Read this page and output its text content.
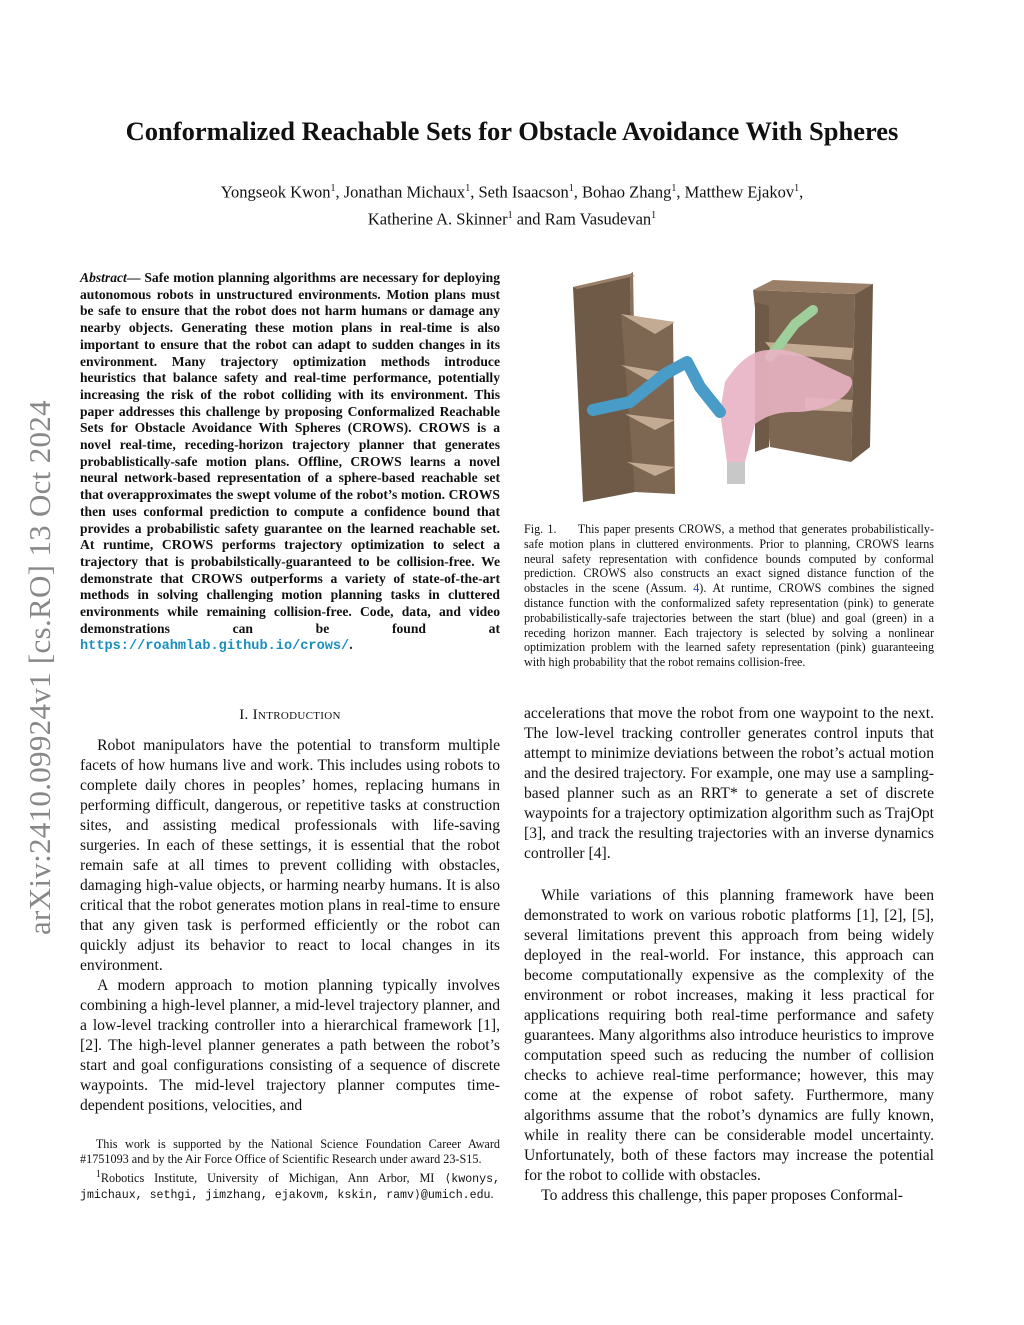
arXiv:2410.09924v1 [cs.RO] 13 Oct 2024
Conformalized Reachable Sets for Obstacle Avoidance With Spheres
Yongseok Kwon$^1$, Jonathan Michaux$^1$, Seth Isaacson$^1$, Bohao Zhang$^1$, Matthew Ejakov$^1$,
Katherine A. Skinner$^1$ and Ram Vasudevan$^1$
Abstract— Safe motion planning algorithms are necessary for deploying autonomous robots in unstructured environments. Motion plans must be safe to ensure that the robot does not harm humans or damage any nearby objects. Generating these motion plans in real-time is also important to ensure that the robot can adapt to sudden changes in its environment. Many trajectory optimization methods introduce heuristics that balance safety and real-time performance, potentially increasing the risk of the robot colliding with its environment. This paper addresses this challenge by proposing Conformalized Reachable Sets for Obstacle Avoidance With Spheres (CROWS). CROWS is a novel real-time, receding-horizon trajectory planner that generates probablistically-safe motion plans. Offline, CROWS learns a novel neural network-based representation of a sphere-based reachable set that overapproximates the swept volume of the robot’s motion. CROWS then uses conformal prediction to compute a confidence bound that provides a probabilistic safety guarantee on the learned reachable set. At runtime, CROWS performs trajectory optimization to select a trajectory that is probabilstically-guaranteed to be collision-free. We demonstrate that CROWS outperforms a variety of state-of-the-art methods in solving challenging motion planning tasks in cluttered environments while remaining collision-free. Code, data, and video demonstrations can be found at https://roahmlab.github.io/crows/.
I. Introduction

Robot manipulators have the potential to transform multiple facets of how humans live and work. This includes using robots to complete daily chores in peoples’ homes, replacing humans in performing difficult, dangerous, or repetitive tasks at construction sites, and assisting medical professionals with life-saving surgeries. In each of these settings, it is essential that the robot remain safe at all times to prevent colliding with obstacles, damaging high-value objects, or harming nearby humans. It is also critical that the robot generates motion plans in real-time to ensure that any given task is performed efficiently or the robot can quickly adjust its behavior to react to local changes in its environment.

A modern approach to motion planning typically involves combining a high-level planner, a mid-level trajectory planner, and a low-level tracking controller into a hierarchical framework [1], [2]. The high-level planner generates a path between the robot’s start and goal configurations consisting of a sequence of discrete waypoints. The mid-level trajectory planner computes time-dependent positions, velocities, and

Fig. 1. This paper presents CROWS, a method that generates probabilistically-safe motion plans in cluttered environments. Prior to planning, CROWS learns neural safety representation with confidence bounds computed by conformal prediction. CROWS also constructs an exact signed distance function of the obstacles in the scene (Assum. 4). At runtime, CROWS combines the signed distance function with the conformalized safety representation (pink) to generate probabilistically-safe trajectories between the start (blue) and goal (green) in a receding horizon manner. Each trajectory is selected by solving a nonlinear optimization problem with the learned safety representation (pink) guaranteeing with high probability that the robot remains collision-free.

accelerations that move the robot from one waypoint to the next. The low-level tracking controller generates control inputs that attempt to minimize deviations between the robot’s actual motion and the desired trajectory. For example, one may use a sampling-based planner such as an RRT* to generate a set of discrete waypoints for a trajectory optimization algorithm such as TrajOpt [3], and track the resulting trajectories with an inverse dynamics controller [4].

While variations of this planning framework have been demonstrated to work on various robotic platforms [1], [2], [5], several limitations prevent this approach from being widely deployed in the real-world. For instance, this approach can become computationally expensive as the complexity of the environment or robot increases, making it less practical for applications requiring both real-time performance and safety guarantees. Many algorithms also introduce heuristics to improve computation speed such as reducing the number of collision checks to achieve real-time performance; however, this may come at the expense of robot safety. Furthermore, many algorithms assume that the robot’s dynamics are fully known, while in reality there can be considerable model uncertainty. Unfortunately, both of these factors may increase the potential for the robot to collide with obstacles.

To address this challenge, this paper proposes Conformal-

This work is supported by the National Science Foundation Career Award #1751093 and by the Air Force Office of Scientific Research under award 23-S15.

$^1$Robotics Institute, University of Michigan, Ann Arbor, MI ⟨kwonys, jmichaux, sethgi, jimzhang, ejakovm, kskin, ramv⟩@umich.edu.
